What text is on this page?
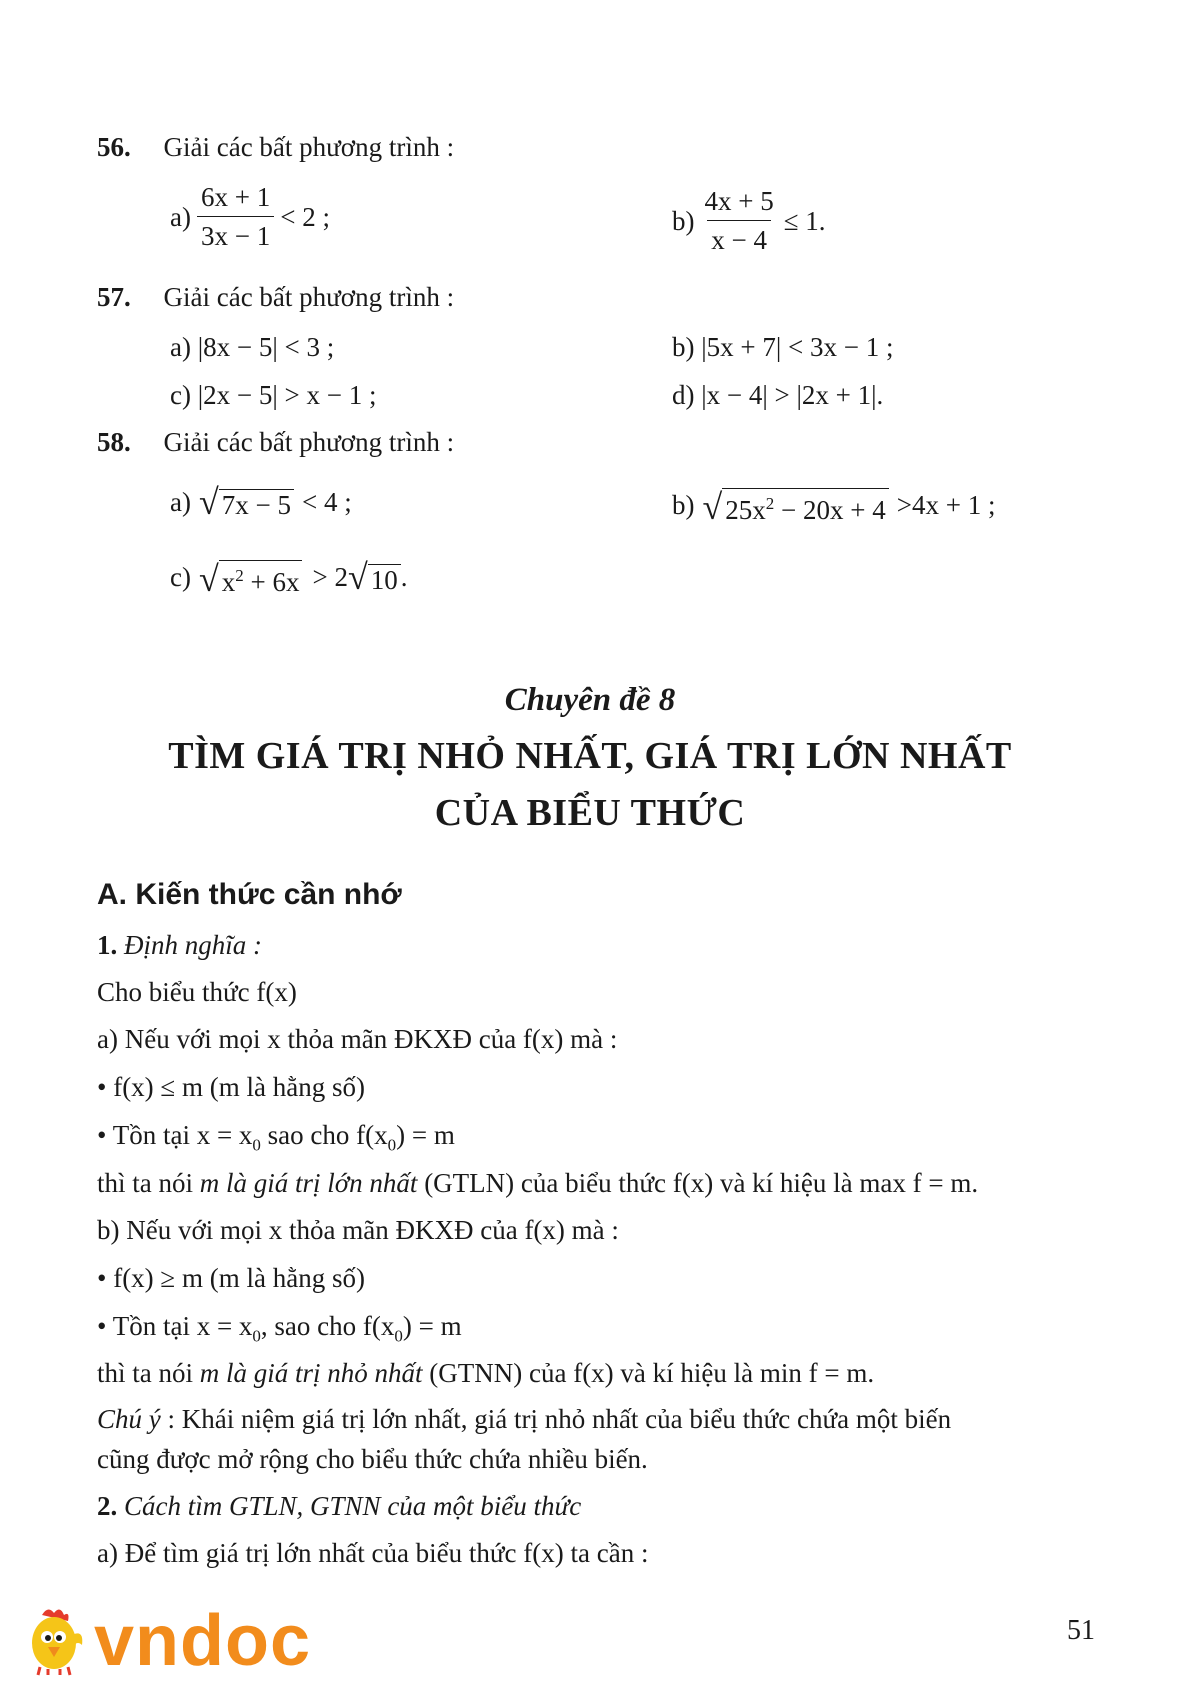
56. Giải các bất phương trình :
$a) \frac{6x + 1}{3x - 1} < 2$ ;	$b) \frac{4x + 5}{x - 4} \le 1$.
57. Giải các bất phương trình :
a) |8x − 5| < 3 ;	b) |5x + 7| < 3x − 1 ;
c) |2x − 5| > x − 1 ;	d) |x − 4| > |2x + 1|.
58. Giải các bất phương trình :
a) √ 7x − 5 < 4 ;	b) √ $25x^2 - 20x + 4 >4x + 1$ ;
c) √ $x^2 + 6x > 2$ √ 10 .
Chuyên đề 8
TÌM GIÁ TRỊ NHỎ NHẤT, GIÁ TRỊ LỚN NHẤT
CỦA BIỂU THỨC
A. Kiến thức cần nhớ
1. Định nghĩa :
Cho biểu thức f(x)
a) Nếu với mọi x thỏa mãn ĐKXĐ của f(x) mà :
• f(x) ≤ m (m là hằng số)
• Tồn tại $x = x_0$ sao cho $f(x_0) = m$
thì ta nói m là giá trị lớn nhất (GTLN) của biểu thức f(x) và kí hiệu là max f = m.
b) Nếu với mọi x thỏa mãn ĐKXĐ của f(x) mà :
• f(x) ≥ m (m là hằng số)
• Tồn tại $x = x_0$, sao cho $f(x_0) = m$
thì ta nói m là giá trị nhỏ nhất (GTNN) của f(x) và kí hiệu là min f = m.
Chú ý : Khái niệm giá trị lớn nhất, giá trị nhỏ nhất của biểu thức chứa một biến
cũng được mở rộng cho biểu thức chứa nhiều biến.
2. Cách tìm GTLN, GTNN của một biểu thức
a) Để tìm giá trị lớn nhất của biểu thức f(x) ta cần :
51
vndoc
